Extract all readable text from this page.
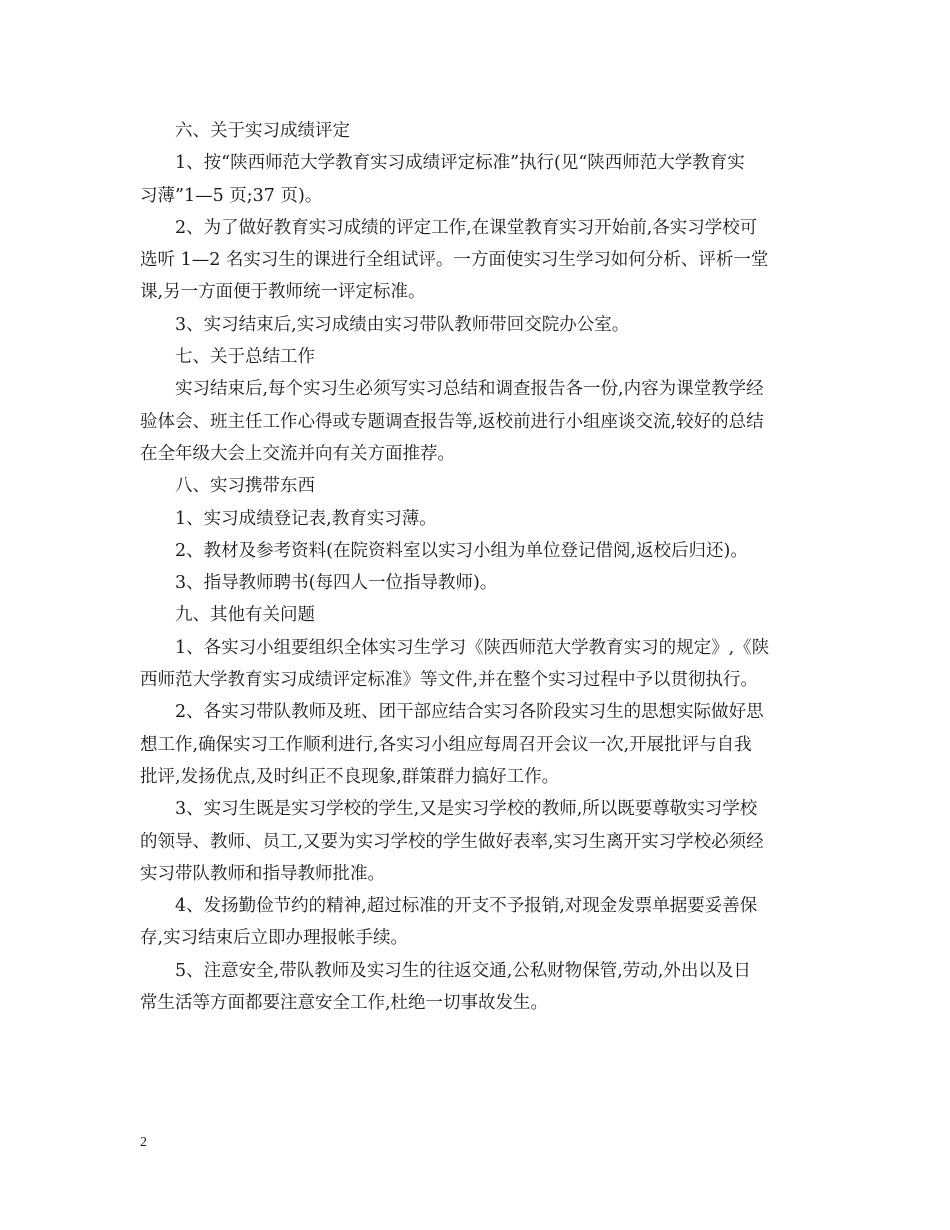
六、关于实习成绩评定
1、按“陕西师范大学教育实习成绩评定标准”执行(见“陕西师范大学教育实
习薄”1—5 页;37 页)。
2、为了做好教育实习成绩的评定工作,在课堂教育实习开始前,各实习学校可
选听 1—2 名实习生的课进行全组试评。一方面使实习生学习如何分析、评析一堂
课,另一方面便于教师统一评定标准。
3、实习结束后,实习成绩由实习带队教师带回交院办公室。
七、关于总结工作
实习结束后,每个实习生必须写实习总结和调查报告各一份,内容为课堂教学经
验体会、班主任工作心得或专题调查报告等,返校前进行小组座谈交流,较好的总结
在全年级大会上交流并向有关方面推荐。
八、实习携带东西
1、实习成绩登记表,教育实习薄。
2、教材及参考资料(在院资料室以实习小组为单位登记借阅,返校后归还)。
3、指导教师聘书(每四人一位指导教师)。
九、其他有关问题
1、各实习小组要组织全体实习生学习《陕西师范大学教育实习的规定》,《陕
西师范大学教育实习成绩评定标准》等文件,并在整个实习过程中予以贯彻执行。
2、各实习带队教师及班、团干部应结合实习各阶段实习生的思想实际做好思
想工作,确保实习工作顺利进行,各实习小组应每周召开会议一次,开展批评与自我
批评,发扬优点,及时纠正不良现象,群策群力搞好工作。
3、实习生既是实习学校的学生,又是实习学校的教师,所以既要尊敬实习学校
的领导、教师、员工,又要为实习学校的学生做好表率,实习生离开实习学校必须经
实习带队教师和指导教师批准。
4、发扬勤俭节约的精神,超过标准的开支不予报销,对现金发票单据要妥善保
存,实习结束后立即办理报帐手续。
5、注意安全,带队教师及实习生的往返交通,公私财物保管,劳动,外出以及日
常生活等方面都要注意安全工作,杜绝一切事故发生。
2
